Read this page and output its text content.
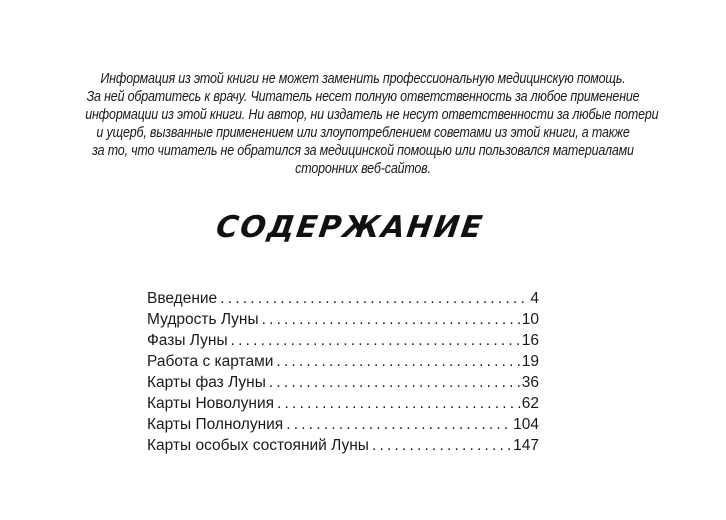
Информация из этой книги не может заменить профессиональную медицинскую помощь.
За ней обратитесь к врачу. Читатель несет полную ответственность за любое применение
информации из этой книги. Ни автор, ни издатель не несут ответственности за любые потери
и ущерб, вызванные применением или злоупотреблением советами из этой книги, а также
за то, что читатель не обратился за медицинской помощью или пользовался материалами
сторонних веб-сайтов.
СОДЕРЖАНИЕ
Введение .....	4
Мудрость Луны .....	10
Фазы Луны .....	16
Работа с картами .....	19
Карты фаз Луны .....	36
Карты Новолуния .....	62
Карты Полнолуния .....	104
Карты особых состояний Луны .....	147
